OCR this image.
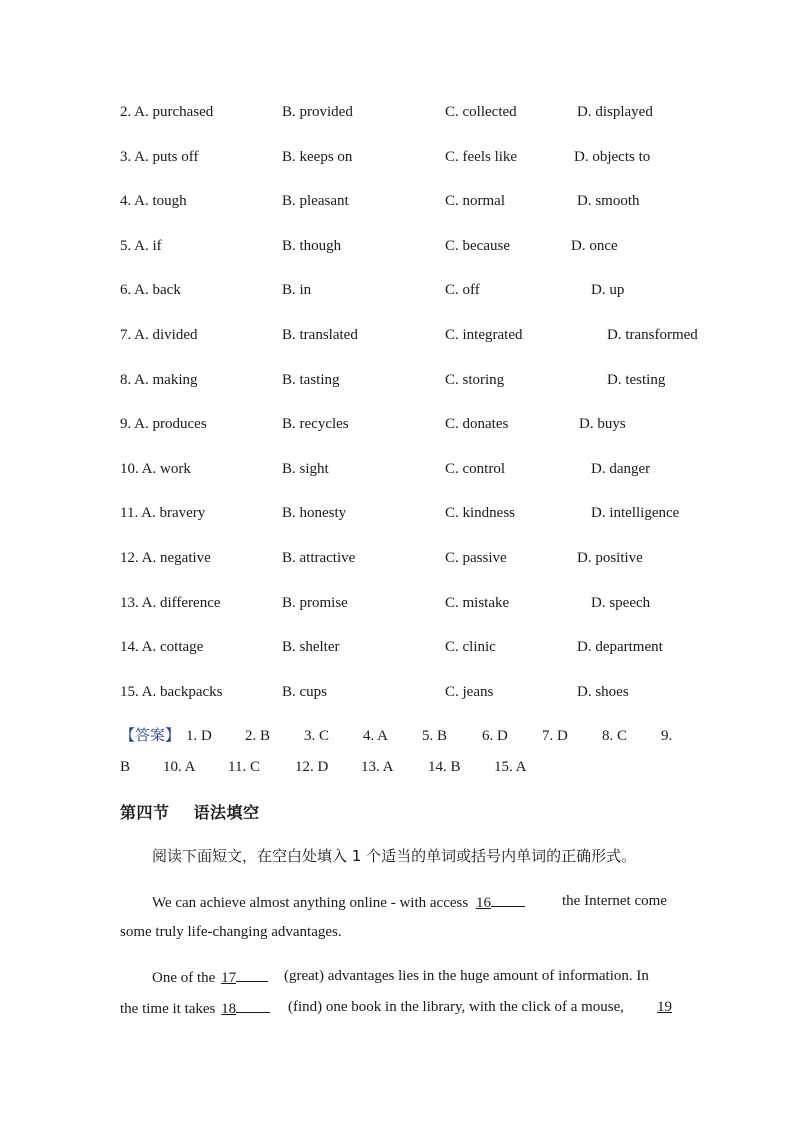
2. A. purchased	B. provided	C. collected	D. displayed
3. A. puts off	B. keeps on	C. feels like	D. objects to
4. A. tough	B. pleasant	C. normal	D. smooth
5. A. if	B. though	C. because	D. once
6. A. back	B. in	C. off	D. up
7. A. divided	B. translated	C. integrated	D. transformed
8. A. making	B. tasting	C. storing	D. testing
9. A. produces	B. recycles	C. donates	D. buys
10. A. work	B. sight	C. control	D. danger
11. A. bravery	B. honesty	C. kindness	D. intelligence
12. A. negative	B. attractive	C. passive	D. positive
13. A. difference	B. promise	C. mistake	D. speech
14. A. cottage	B. shelter	C. clinic	D. department
15. A. backpacks	B. cups	C. jeans	D. shoes
【答案】 1. D 2. B 3. C 4. A 5. B 6. D 7. D 8. C 9.
B 10. A 11. C 12. D 13. A 14. B 15. A
第四节 语法填空
阅读下面短文，在空白处填入 1 个适当的单词或括号内单词的正确形式。
We can achieve almost anything online - with access 16	the Internet come
some truly life-changing advantages.
One of the 17	(great) advantages lies in the huge amount of information. In
the time it takes 18	(find) one book in the library, with the click of a mouse, 19
